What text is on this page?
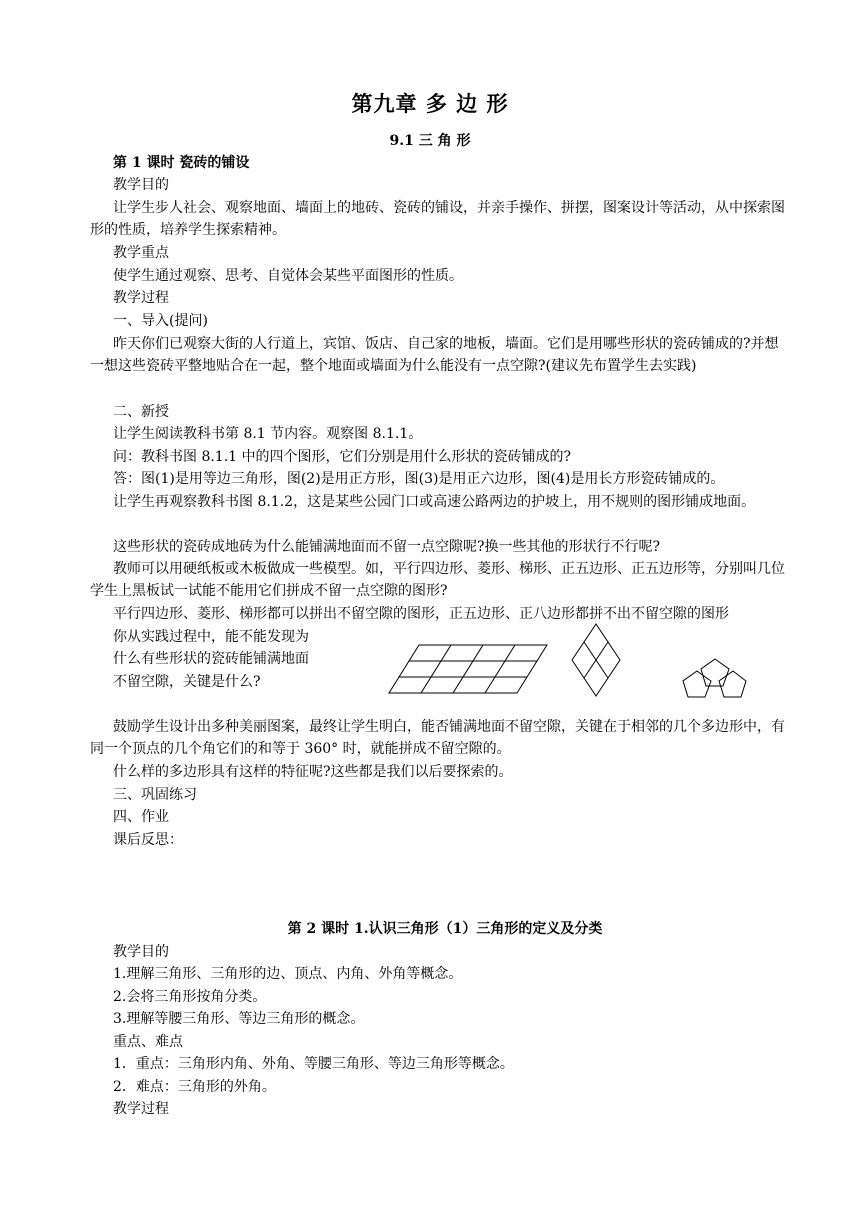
第九章 多 边 形
9.1 三 角 形
第 1 课时 瓷砖的铺设
教学目的
让学生步人社会、观察地面、墙面上的地砖、瓷砖的铺设，并亲手操作、拼摆，图案设计等活动，从中探索图形的性质，培养学生探索精神。
教学重点
使学生通过观察、思考、自觉体会某些平面图形的性质。
教学过程
一、导入(提问)
昨天你们已观察大街的人行道上，宾馆、饭店、自己家的地板，墙面。它们是用哪些形状的瓷砖铺成的?并想一想这些瓷砖平整地贴合在一起，整个地面或墙面为什么能没有一点空隙?(建议先布置学生去实践)
二、新授
让学生阅读教科书第 8.1 节内容。观察图 8.1.1。
问：教科书图 8.1.1 中的四个图形，它们分别是用什么形状的瓷砖铺成的?
答：图(1)是用等边三角形，图(2)是用正方形，图(3)是用正六边形，图(4)是用长方形瓷砖铺成的。
让学生再观察教科书图 8.1.2，这是某些公园门口或高速公路两边的护坡上，用不规则的图形铺成地面。
这些形状的瓷砖成地砖为什么能铺满地面而不留一点空隙呢?换一些其他的形状行不行呢?
教师可以用硬纸板或木板做成一些模型。如，平行四边形、菱形、梯形、正五边形、正五边形等，分别叫几位学生上黑板试一试能不能用它们拼成不留一点空隙的图形?
平行四边形、菱形、梯形都可以拼出不留空隙的图形，正五边形、正八边形都拼不出不留空隙的图形
你从实践过程中，能不能发现为
什么有些形状的瓷砖能铺满地面
不留空隙，关键是什么?
鼓励学生设计出多种美丽图案，最终让学生明白，能否铺满地面不留空隙，关键在于相邻的几个多边形中，有同一个顶点的几个角它们的和等于 360° 时，就能拼成不留空隙的。
什么样的多边形具有这样的特征呢?这些都是我们以后要探索的。
三、巩固练习
四、作业
课后反思：
第 2 课时 1.认识三角形（1）三角形的定义及分类
教学目的
1.理解三角形、三角形的边、顶点、内角、外角等概念。
2.会将三角形按角分类。
3.理解等腰三角形、等边三角形的概念。
重点、难点
1．重点：三角形内角、外角、等腰三角形、等边三角形等概念。
2．难点：三角形的外角。
教学过程
